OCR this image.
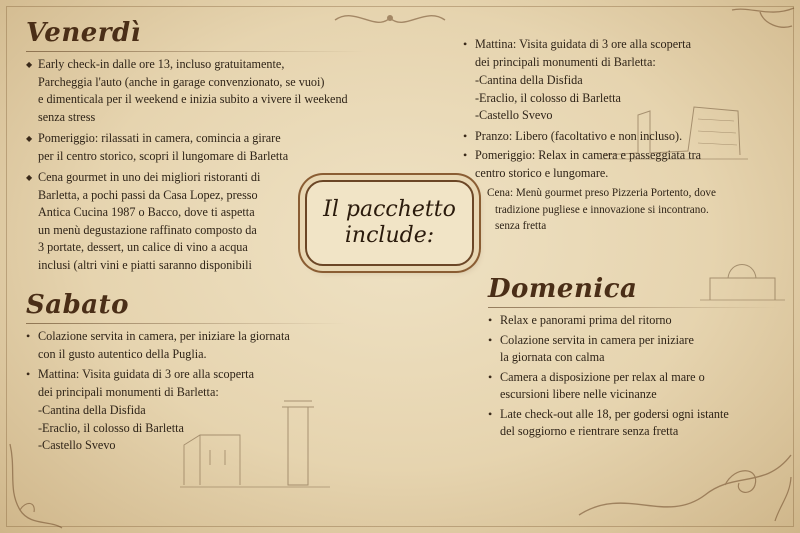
Venerdì
◆ Early check-in dalle ore 13, incluso gratuitamente,
Parcheggia l'auto (anche in garage convenzionato, se vuoi)
e dimenticala per il weekend e inizia subito a vivere il weekend
senza stress
◆ Pomeriggio: rilassati in camera, comincia a girare
per il centro storico, scopri il lungomare di Barletta
◆ Cena gourmet in uno dei migliori ristoranti di
Barletta, a pochi passi da Casa Lopez, presso
Antica Cucina 1987 o Bacco, dove ti aspetta
un menù degustazione raffinato composto da
3 portate, dessert, un calice di vino a acqua
inclusi (altri vini e piatti saranno disponibili
Sabato
• Colazione servita in camera, per iniziare la giornata
con il gusto autentico della Puglia.
• Mattina: Visita guidata di 3 ore alla scoperta
dei principali monumenti di Barletta:
-Cantina della Disfida
-Eraclio, il colosso di Barletta
-Castello Svevo
Il pacchetto
include:
• Mattina: Visita guidata di 3 ore alla scoperta
dei principali monumenti di Barletta:
-Cantina della Disfida
-Eraclio, il colosso di Barletta
-Castello Svevo
• Pranzo: Libero (facoltativo e non incluso).
• Pomeriggio: Relax in camera e passeggiata tra
centro storico e lungomare.
Cena: Menù gourmet preso Pizzeria Portento, dove
tradizione pugliese e innovazione si incontrano.
senza fretta
Domenica
• Relax e panorami prima del ritorno
• Colazione servita in camera per iniziare
la giornata con calma
• Camera a disposizione per relax al mare o
escursioni libere nelle vicinanze
• Late check-out alle 18, per godersi ogni istante
del soggiorno e rientrare senza fretta
